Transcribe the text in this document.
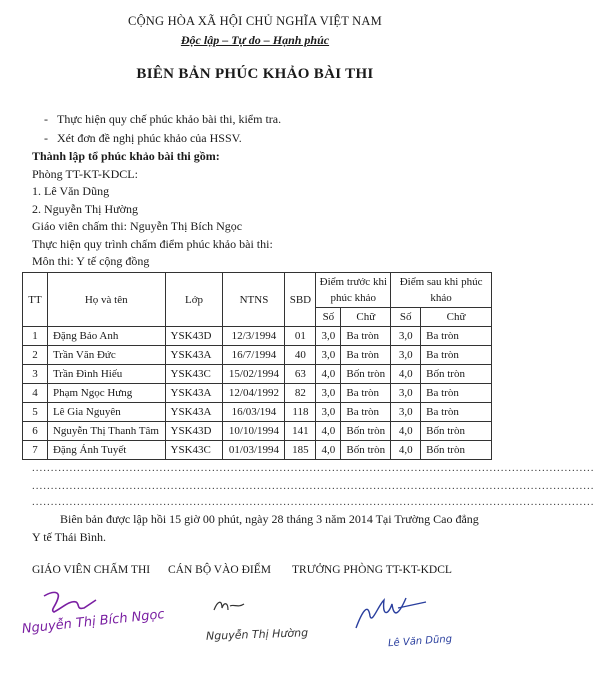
CỘNG HÒA XÃ HỘI CHỦ NGHĨA VIỆT NAM
Độc lập – Tự do – Hạnh phúc
BIÊN BẢN PHÚC KHẢO BÀI THI
-   Thực hiện quy chế phúc khảo bài thi, kiểm tra.
-   Xét đơn đề nghị phúc khảo của HSSV.
Thành lập tổ phúc khảo bài thi gồm:
Phòng TT-KT-KDCL:
1. Lê Văn Dũng
2. Nguyễn Thị Hường
Giáo viên chấm thi: Nguyễn Thị Bích Ngọc
Thực hiện quy trình chấm điểm phúc khảo bài thi:
Môn thi: Y tế cộng đồng
TT	Họ và tên	Lớp	NTNS	SBD	Điểm trước khi phúc khảo		Điểm sau khi phúc khảo	
					Số	Chữ	Số	Chữ
1	Đặng Bảo Anh	YSK43D	12/3/1994	01	3,0	Ba tròn	3,0	Ba tròn
2	Trần Văn Đức	YSK43A	16/7/1994	40	3,0	Ba tròn	3,0	Ba tròn
3	Trần Đình Hiếu	YSK43C	15/02/1994	63	4,0	Bốn tròn	4,0	Bốn tròn
4	Phạm Ngọc Hưng	YSK43A	12/04/1992	82	3,0	Ba tròn	3,0	Ba tròn
5	Lê Gia Nguyên	YSK43A	16/03/194	118	3,0	Ba tròn	3,0	Ba tròn
6	Nguyễn Thị Thanh Tâm	YSK43D	10/10/1994	141	4,0	Bốn tròn	4,0	Bốn tròn
7	Đặng Ánh Tuyết	YSK43C	01/03/1994	185	4,0	Bốn tròn	4,0	Bốn tròn
......................................................................................................................................................
......................................................................................................................................................
......................................................................................................................................................
Biên bản được lập hồi 15 giờ 00 phút, ngày 28 tháng 3 năm 2014 Tại Trường Cao đẳng
Y tế Thái Bình.
GIÁO VIÊN CHẤM THI CÁN BỘ VÀO ĐIỂM TRƯỞNG PHÒNG TT-KT-KDCL
Nguyễn Thị Bích Ngọc	Nguyễn Thị Hường	Lê Văn Dũng
